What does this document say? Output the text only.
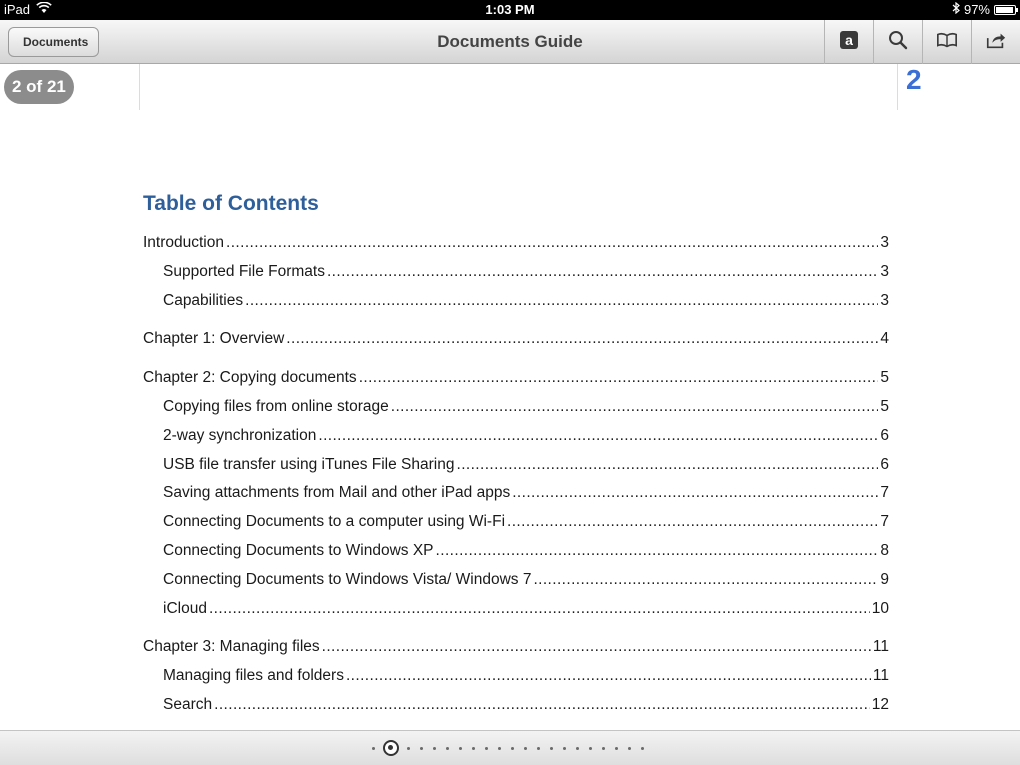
iPad	1:03 PM	97%
Documents	Documents Guide	a
2 of 21	2
Table of Contents
Introduction .....	3
Supported File Formats .....	3
Capabilities .....	3
Chapter 1: Overview .....	4
Chapter 2: Copying documents .....	5
Copying files from online storage .....	5
2-way synchronization .....	6
USB file transfer using iTunes File Sharing .....	6
Saving attachments from Mail and other iPad apps .....	7
Connecting Documents to a computer using Wi-Fi .....	7
Connecting Documents to Windows XP .....	8
Connecting Documents to Windows Vista/ Windows 7 .....	9
iCloud .....	10
Chapter 3: Managing files .....	11
Managing files and folders .....	11
Search .....	12
